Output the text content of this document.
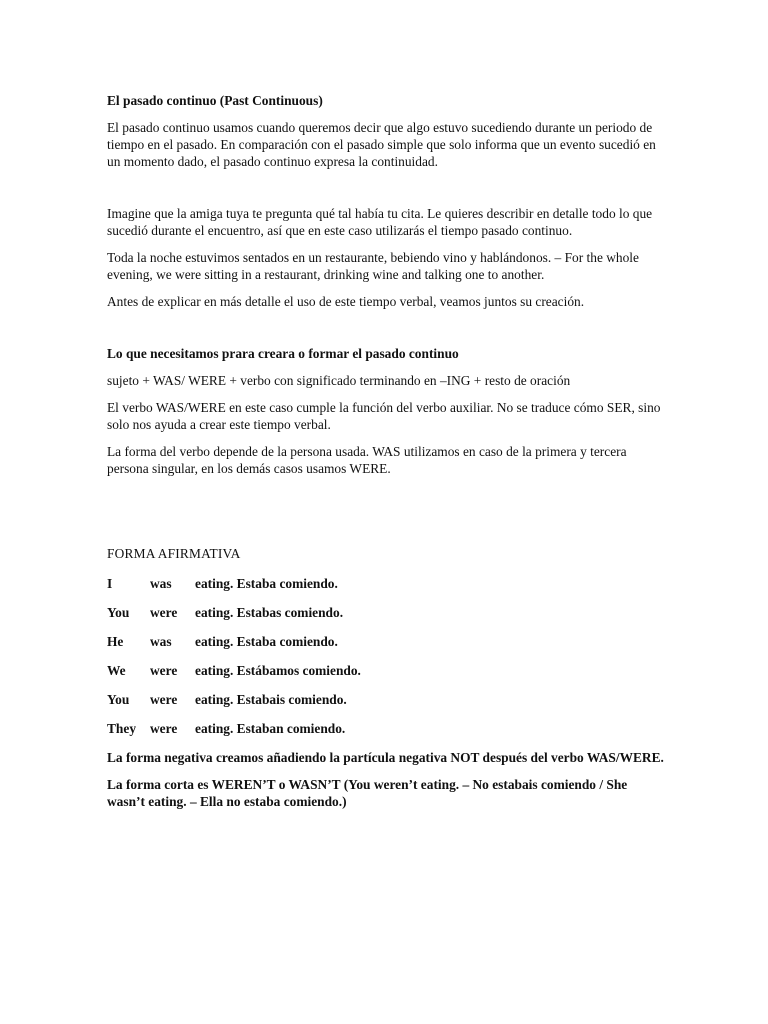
El pasado continuo (Past Continuous)

El pasado continuo usamos cuando queremos decir que algo estuvo sucediendo durante un periodo de tiempo en el pasado. En comparación con el pasado simple que solo informa que un evento sucedió en un momento dado, el pasado continuo expresa la continuidad.

Imagine que la amiga tuya te pregunta qué tal había tu cita. Le quieres describir en detalle todo lo que sucedió durante el encuentro, así que en este caso utilizarás el tiempo pasado continuo.

Toda la noche estuvimos sentados en un restaurante, bebiendo vino y hablándonos. – For the whole evening, we were sitting in a restaurant, drinking wine and talking one to another.

Antes de explicar en más detalle el uso de este tiempo verbal, veamos juntos su creación.

Lo que necesitamos prara creara o formar el pasado continuo

sujeto + WAS/ WERE + verbo con significado terminando en –ING + resto de oración

El verbo WAS/WERE en este caso cumple la función del verbo auxiliar. No se traduce cómo SER, sino solo nos ayuda a crear este tiempo verbal.

La forma del verbo depende de la persona usada. WAS utilizamos en caso de la primera y tercera persona singular, en los demás casos usamos WERE.

FORMA AFIRMATIVA

I	was	eating. Estaba comiendo.
You	were	eating. Estabas comiendo.
He	was	eating. Estaba comiendo.
We	were	eating. Estábamos comiendo.
You	were	eating. Estabais comiendo.
They	were	eating. Estaban comiendo.

La forma negativa creamos añadiendo la partícula negativa NOT después del verbo WAS/WERE.

La forma corta es WEREN’T o WASN’T (You weren’t eating. – No estabais comiendo / She wasn’t eating. – Ella no estaba comiendo.)
